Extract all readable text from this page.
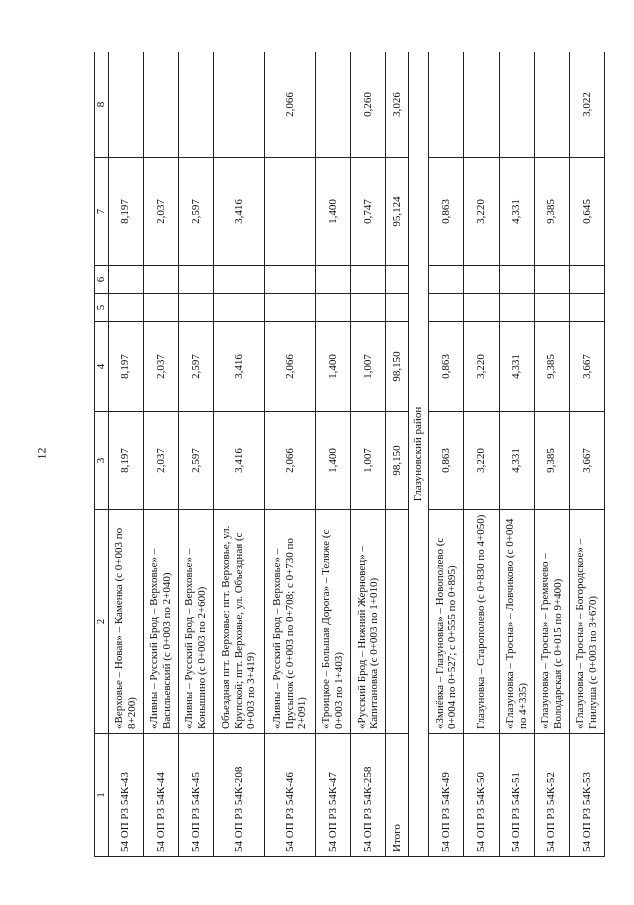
12
1	2	3	4	5	6	7	8
54 ОП РЗ 54К-43	«Верховье – Новая» – Каменка (с 0+003 по 8+200)	8,197	8,197			8,197	
54 ОП РЗ 54К-44	«Ливны – Русский Брод – Верховье» – Васильевский (с 0+003 по 2+040)	2,037	2,037			2,037	
54 ОП РЗ 54К-45	«Ливны – Русский Брод – Верховье» – Конышино (с 0+003 по 2+600)	2,597	2,597			2,597	
54 ОП РЗ 54К-208	Объездная пгт. Верховье: пгт. Верховье, ул. Крупской; пгт. Верховье, ул. Объездная (с 0+003 по 3+419)	3,416	3,416			3,416	
54 ОП РЗ 54К-46	«Ливны – Русский Брод – Верховье» – Прусыпок (с 0+003 по 0+708; с 0+730 по 2+091)	2,066	2,066				2,066
54 ОП РЗ 54К-47	«Троицкое – Большая Дорога» – Теляже (с 0+003 по 1+403)	1,400	1,400			1,400	
54 ОП РЗ 54К-258	«Русский Брод – Нижний Жерновец» – Капитановка (с 0+003 по 1+010)	1,007	1,007			0,747	0,260
Итого		98,150	98,150			95,124	3,026
Глазуновский район							
54 ОП РЗ 54К-49	«Змиёвка – Глазуновка» – Новополево (с 0+004 по 0+527; с 0+555 по 0+895)	0,863	0,863			0,863	
54 ОП РЗ 54К-50	Глазуновка – Старополево (с 0+830 по 4+050)	3,220	3,220			3,220	
54 ОП РЗ 54К-51	«Глазуновка – Тросна» – Ловчиково (с 0+004 по 4+335)	4,331	4,331			4,331	
54 ОП РЗ 54К-52	«Глазуновка – Тросна» – Гремячево – Володарская (с 0+015 по 9+400)	9,385	9,385			9,385	
54 ОП РЗ 54К-53	«Глазуновка – Тросна» – Богородское» – Гнилуша (с 0+003 по 3+670)	3,667	3,667			0,645	3,022
